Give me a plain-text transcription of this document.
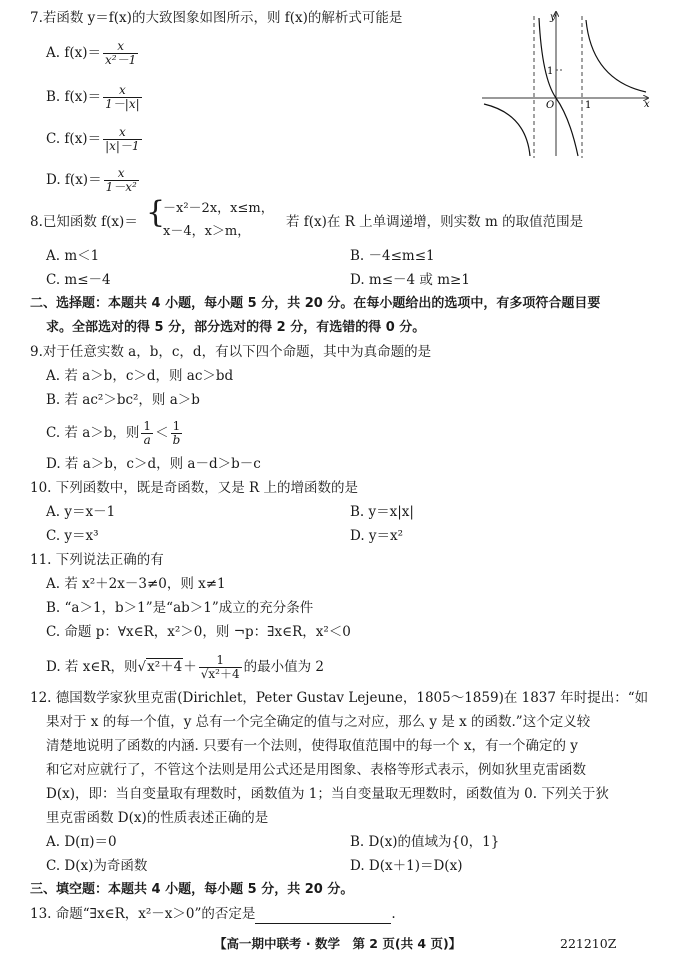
7.若函数 y＝f(x)的大致图象如图所示，则 f(x)的解析式可能是
A. $f(x)= \frac{x}{\text{x²－1}}$
B. $f(x)= \frac{x}{1-|x|}$
C. $f(x)= \frac{x}{|x|-1}$
D. $f(x)= \frac{x}{\text{1－x²}}$
y
x
O	1
1
8.已知函数 f(x)＝ {
－x²－2x，x≤m，
x－4，x＞m，
若 f(x)在 R 上单调递增，则实数 m 的取值范围是
A. m＜1	B. －4≤m≤1
C. m≤－4	D. m≤－4 或 m≥1
二、选择题：本题共 4 小题，每小题 5 分，共 20 分。在每小题给出的选项中，有多项符合题目要
求。全部选对的得 5 分，部分选对的得 2 分，有选错的得 0 分。
9.对于任意实数 a，b，c，d，有以下四个命题，其中为真命题的是
A. 若 a＞b，c＞d，则 ac＞bd
B. 若 ac²＞bc²，则 a＞b
C. 若 a＞b，则 $\frac{1}{a} < \frac{1}{b}$
D. 若 a＞b，c＞d，则 a－d＞b－c
10. 下列函数中，既是奇函数，又是 R 上的增函数的是
A. y＝x－1	B. y＝x|x|
C. y＝x³	D. y＝x²
11. 下列说法正确的有
A. 若 x²＋2x－3≠0，则 x≠1
B. “a＞1，b＞1”是“ab＞1”成立的充分条件
C. 命题 p：∀x∈R，x²＞0，则 ¬p：∃x∈R，x²＜0
D. 若 x∈R，则$√x^2+4+ \frac{1}{\text{√x²＋4}}$ 的最小值为 2
12. 德国数学家狄里克雷(Dirichlet，Peter Gustav Lejeune，1805～1859)在 1837 年时提出：“如
果对于 x 的每一个值，y 总有一个完全确定的值与之对应，那么 y 是 x 的函数.”这个定义较
清楚地说明了函数的内涵. 只要有一个法则，使得取值范围中的每一个 x，有一个确定的 y
和它对应就行了，不管这个法则是用公式还是用图象、表格等形式表示，例如狄里克雷函数
D(x)，即：当自变量取有理数时，函数值为 1；当自变量取无理数时，函数值为 0. 下列关于狄
里克雷函数 D(x)的性质表述正确的是
A. D(π)＝0	B. D(x)的值域为{0，1}
C. D(x)为奇函数	D. D(x＋1)＝D(x)
三、填空题：本题共 4 小题，每小题 5 分，共 20 分。
13. 命题“∃x∈R，x²－x＞0”的否定是	.
【高一期中联考 · 数学　第 2 页(共 4 页)】	221210Z
